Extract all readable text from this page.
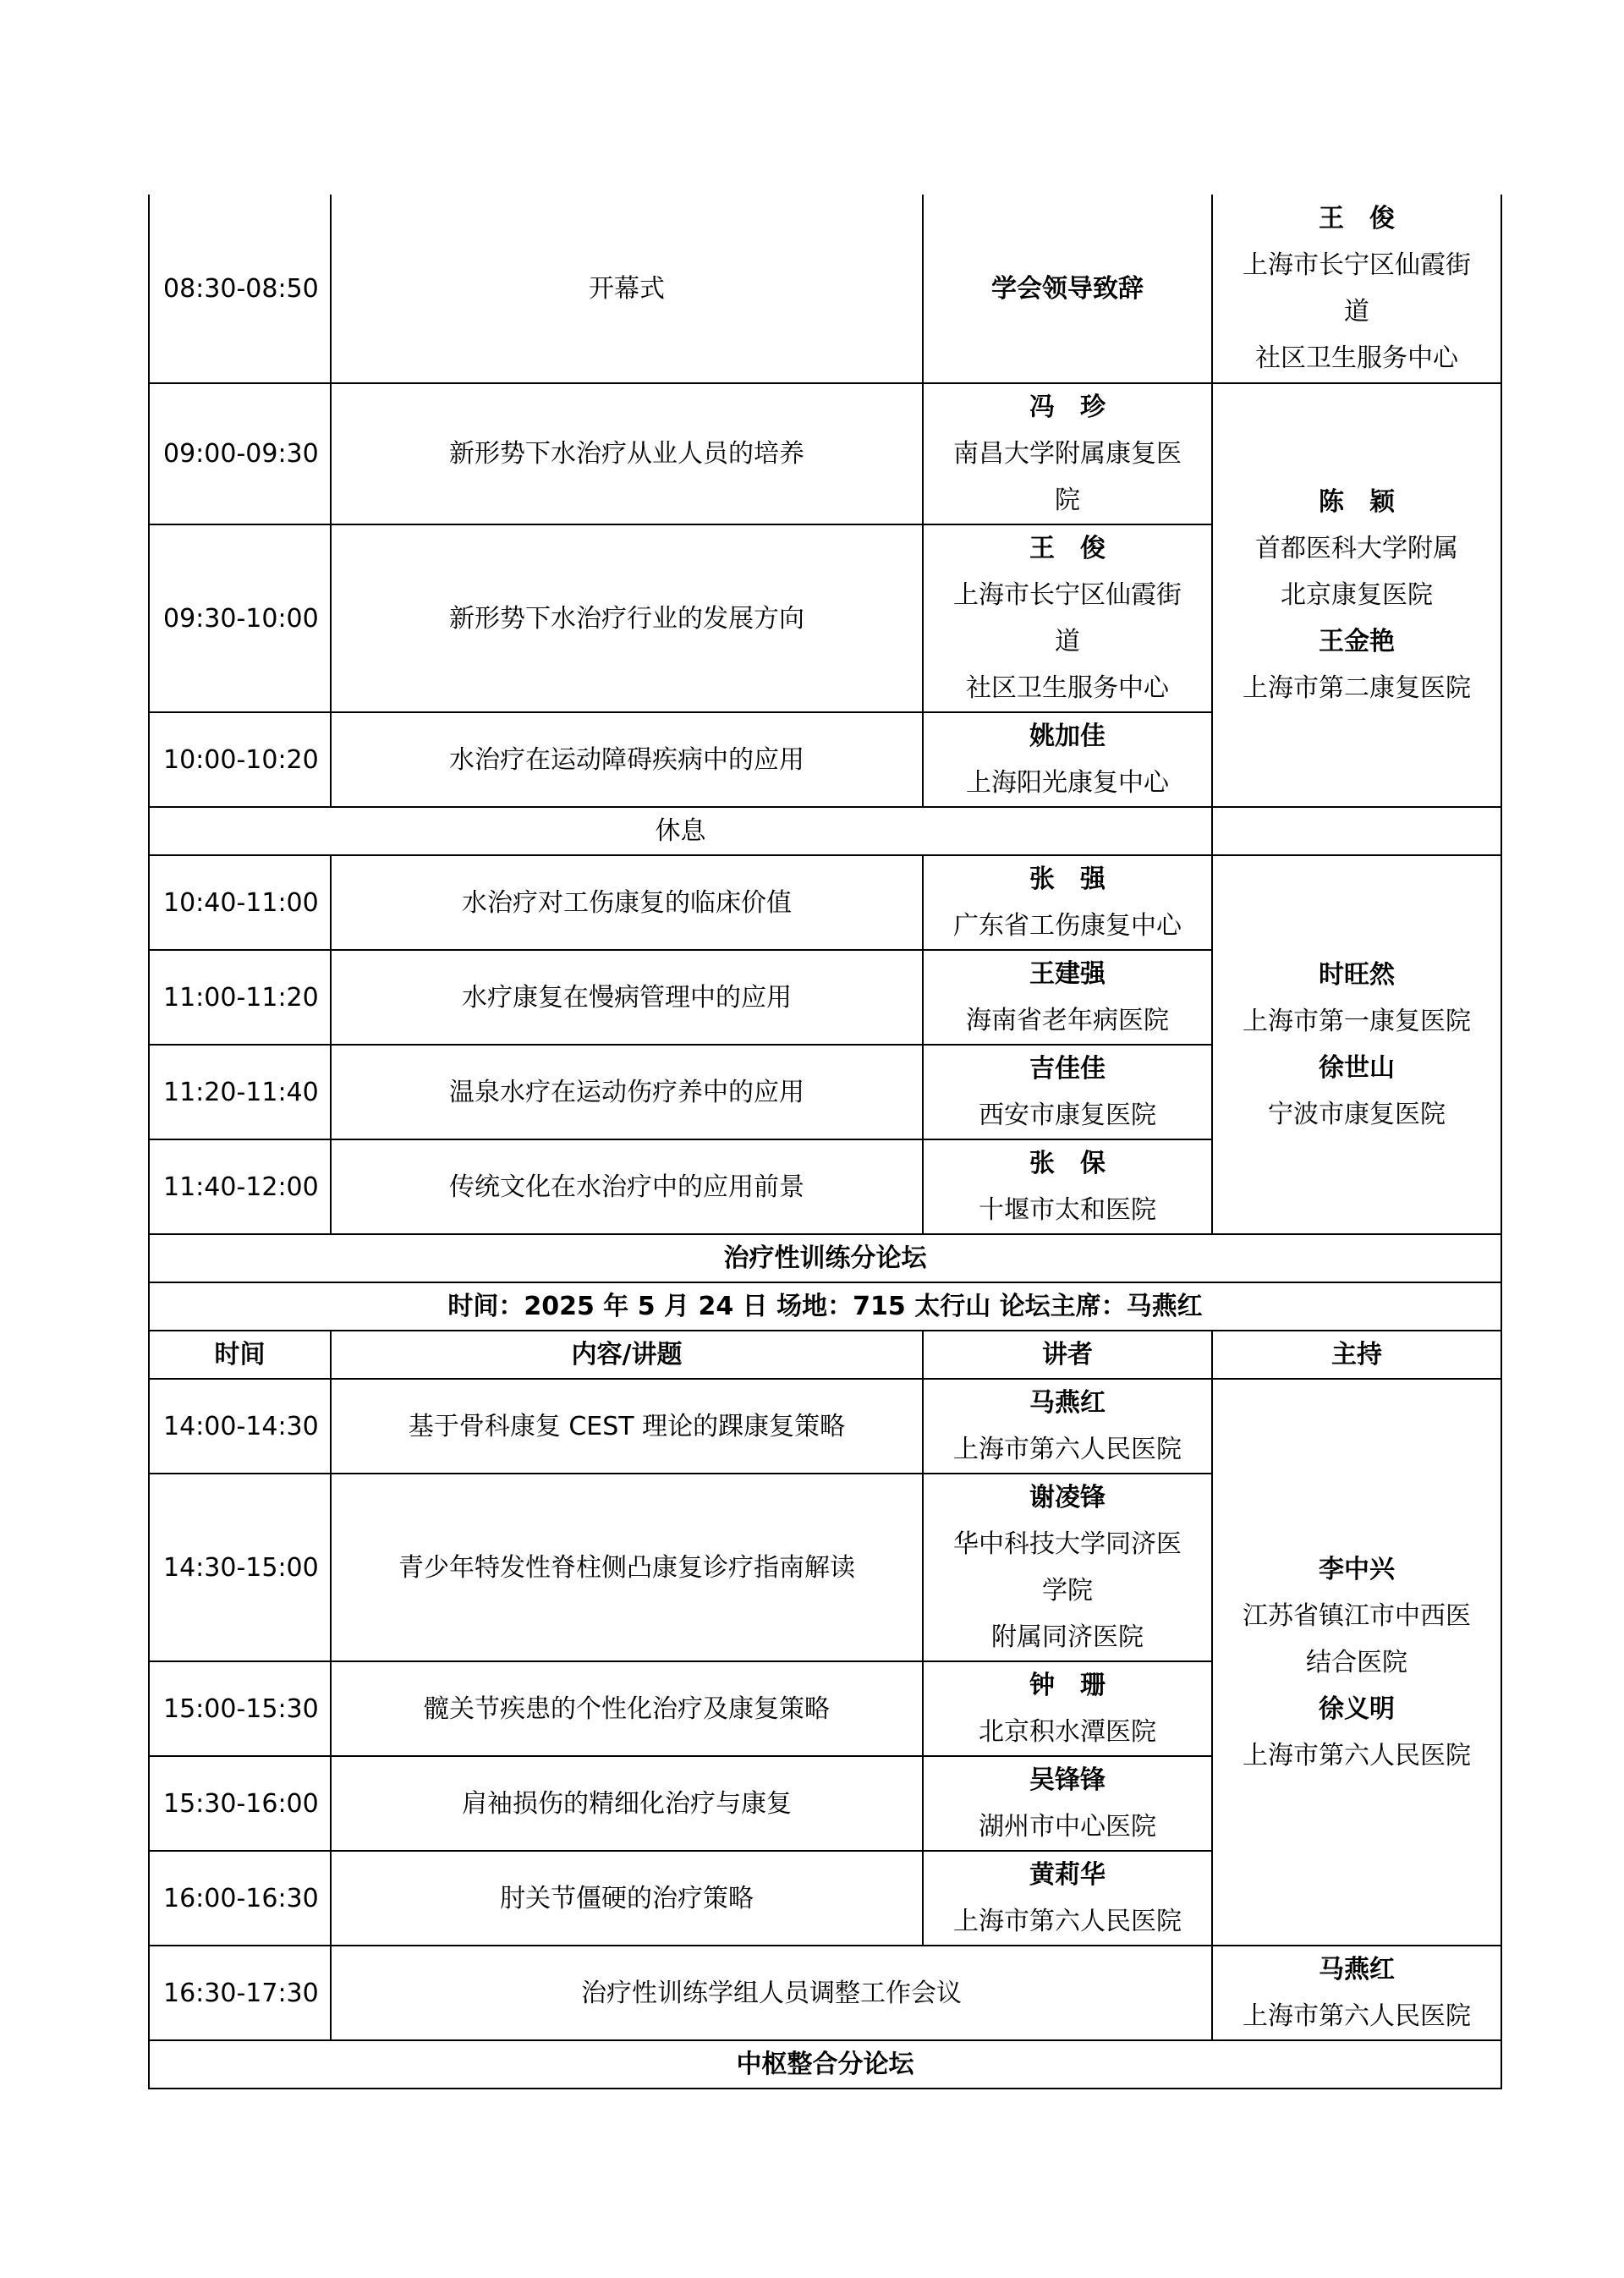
08:30-08:50	开幕式	学会领导致辞	王　俊
上海市长宁区仙霞街
道
社区卫生服务中心

09:00-09:30	新形势下水治疗从业人员的培养	冯　珍
南昌大学附属康复医
院	陈　颖
首都医科大学附属
北京康复医院
王金艳
上海市第二康复医院

09:30-10:00	新形势下水治疗行业的发展方向	王　俊
上海市长宁区仙霞街
道
社区卫生服务中心	

10:00-10:20	水治疗在运动障碍疾病中的应用	姚加佳
上海阳光康复中心	

休息			
10:40-11:00	水治疗对工伤康复的临床价值	张　强
广东省工伤康复中心	时旺然
上海市第一康复医院
徐世山
宁波市康复医院

11:00-11:20	水疗康复在慢病管理中的应用	王建强
海南省老年病医院	

11:20-11:40	温泉水疗在运动伤疗养中的应用	吉佳佳
西安市康复医院	

11:40-12:00	传统文化在水治疗中的应用前景	张　保
十堰市太和医院	

治疗性训练分论坛			
时间：2025 年 5 月 24 日 场地：715 太行山 论坛主席：马燕红			
时间	内容/讲题	讲者	主持
14:00-14:30	基于骨科康复 CEST 理论的踝康复策略	马燕红
上海市第六人民医院	李中兴
江苏省镇江市中西医
结合医院
徐义明
上海市第六人民医院

14:30-15:00	青少年特发性脊柱侧凸康复诊疗指南解读	谢凌锋
华中科技大学同济医
学院
附属同济医院	

15:00-15:30	髋关节疾患的个性化治疗及康复策略	钟　珊
北京积水潭医院	

15:30-16:00	肩袖损伤的精细化治疗与康复	吴锋锋
湖州市中心医院	

16:00-16:30	肘关节僵硬的治疗策略	黄莉华
上海市第六人民医院	

16:30-17:30	治疗性训练学组人员调整工作会议		马燕红
上海市第六人民医院

中枢整合分论坛			
